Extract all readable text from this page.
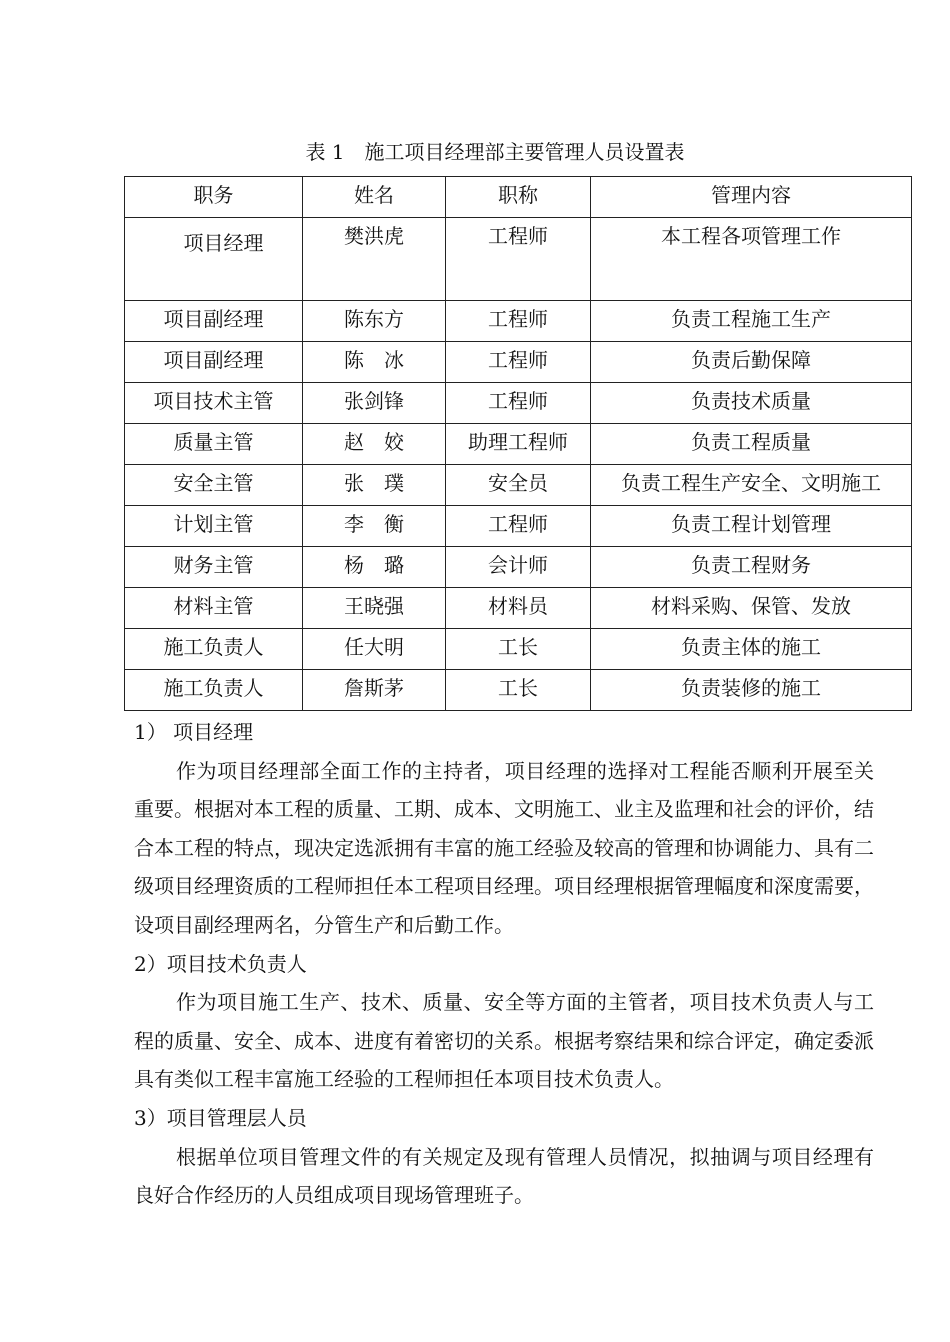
表 1　施工项目经理部主要管理人员设置表
职务	姓名	职称	管理内容

项目经理	樊洪虎	工程师	本工程各项管理工作
项目副经理	陈东方	工程师	负责工程施工生产
项目副经理	陈　冰	工程师	负责后勤保障
项目技术主管	张剑锋	工程师	负责技术质量
质量主管	赵　姣	助理工程师	负责工程质量
安全主管	张　璞	安全员	负责工程生产安全、文明施工
计划主管	李　衡	工程师	负责工程计划管理
财务主管	杨　璐	会计师	负责工程财务
材料主管	王晓强	材料员	材料采购、保管、发放
施工负责人	任大明	工长	负责主体的施工
施工负责人	詹斯茅	工长	负责装修的施工

1） 项目经理

作为项目经理部全面工作的主持者，项目经理的选择对工程能否顺利开展至关重要。根据对本工程的质量、工期、成本、文明施工、业主及监理和社会的评价，结合本工程的特点，现决定选派拥有丰富的施工经验及较高的管理和协调能力、具有二级项目经理资质的工程师担任本工程项目经理。项目经理根据管理幅度和深度需要，设项目副经理两名，分管生产和后勤工作。

2）项目技术负责人

作为项目施工生产、技术、质量、安全等方面的主管者，项目技术负责人与工程的质量、安全、成本、进度有着密切的关系。根据考察结果和综合评定，确定委派具有类似工程丰富施工经验的工程师担任本项目技术负责人。

3）项目管理层人员

根据单位项目管理文件的有关规定及现有管理人员情况，拟抽调与项目经理有良好合作经历的人员组成项目现场管理班子。
